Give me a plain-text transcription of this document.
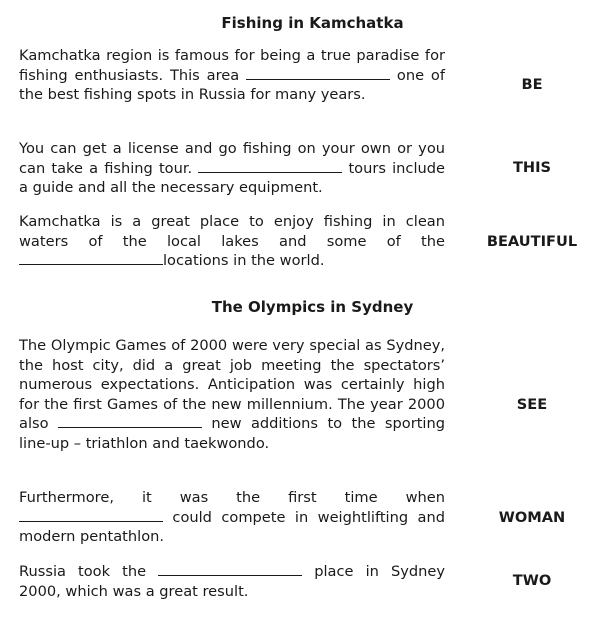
Fishing in Kamchatka
Kamchatka region is famous for being a true paradise for fishing enthusiasts. This area	one of the best fishing spots in Russia for many years.
BE
You can get a license and go fishing on your own or you can take a fishing tour.	tours include a guide and all the necessary equipment.
THIS
Kamchatka is a great place to enjoy fishing in clean waters of the local lakes and some of the locations in the world.
BEAUTIFUL
The Olympics in Sydney
The Olympic Games of 2000 were very special as Sydney, the host city, did a great job meeting the spectators’ numerous expectations. Anticipation was certainly high for the first Games of the new millennium. The year 2000 also	new additions to the sporting line-up – triathlon and taekwondo.
SEE
Furthermore, it was the first time when  could compete in weightlifting and modern pentathlon.
WOMAN
Russia took the	place in Sydney 2000, which was a great result.
TWO
